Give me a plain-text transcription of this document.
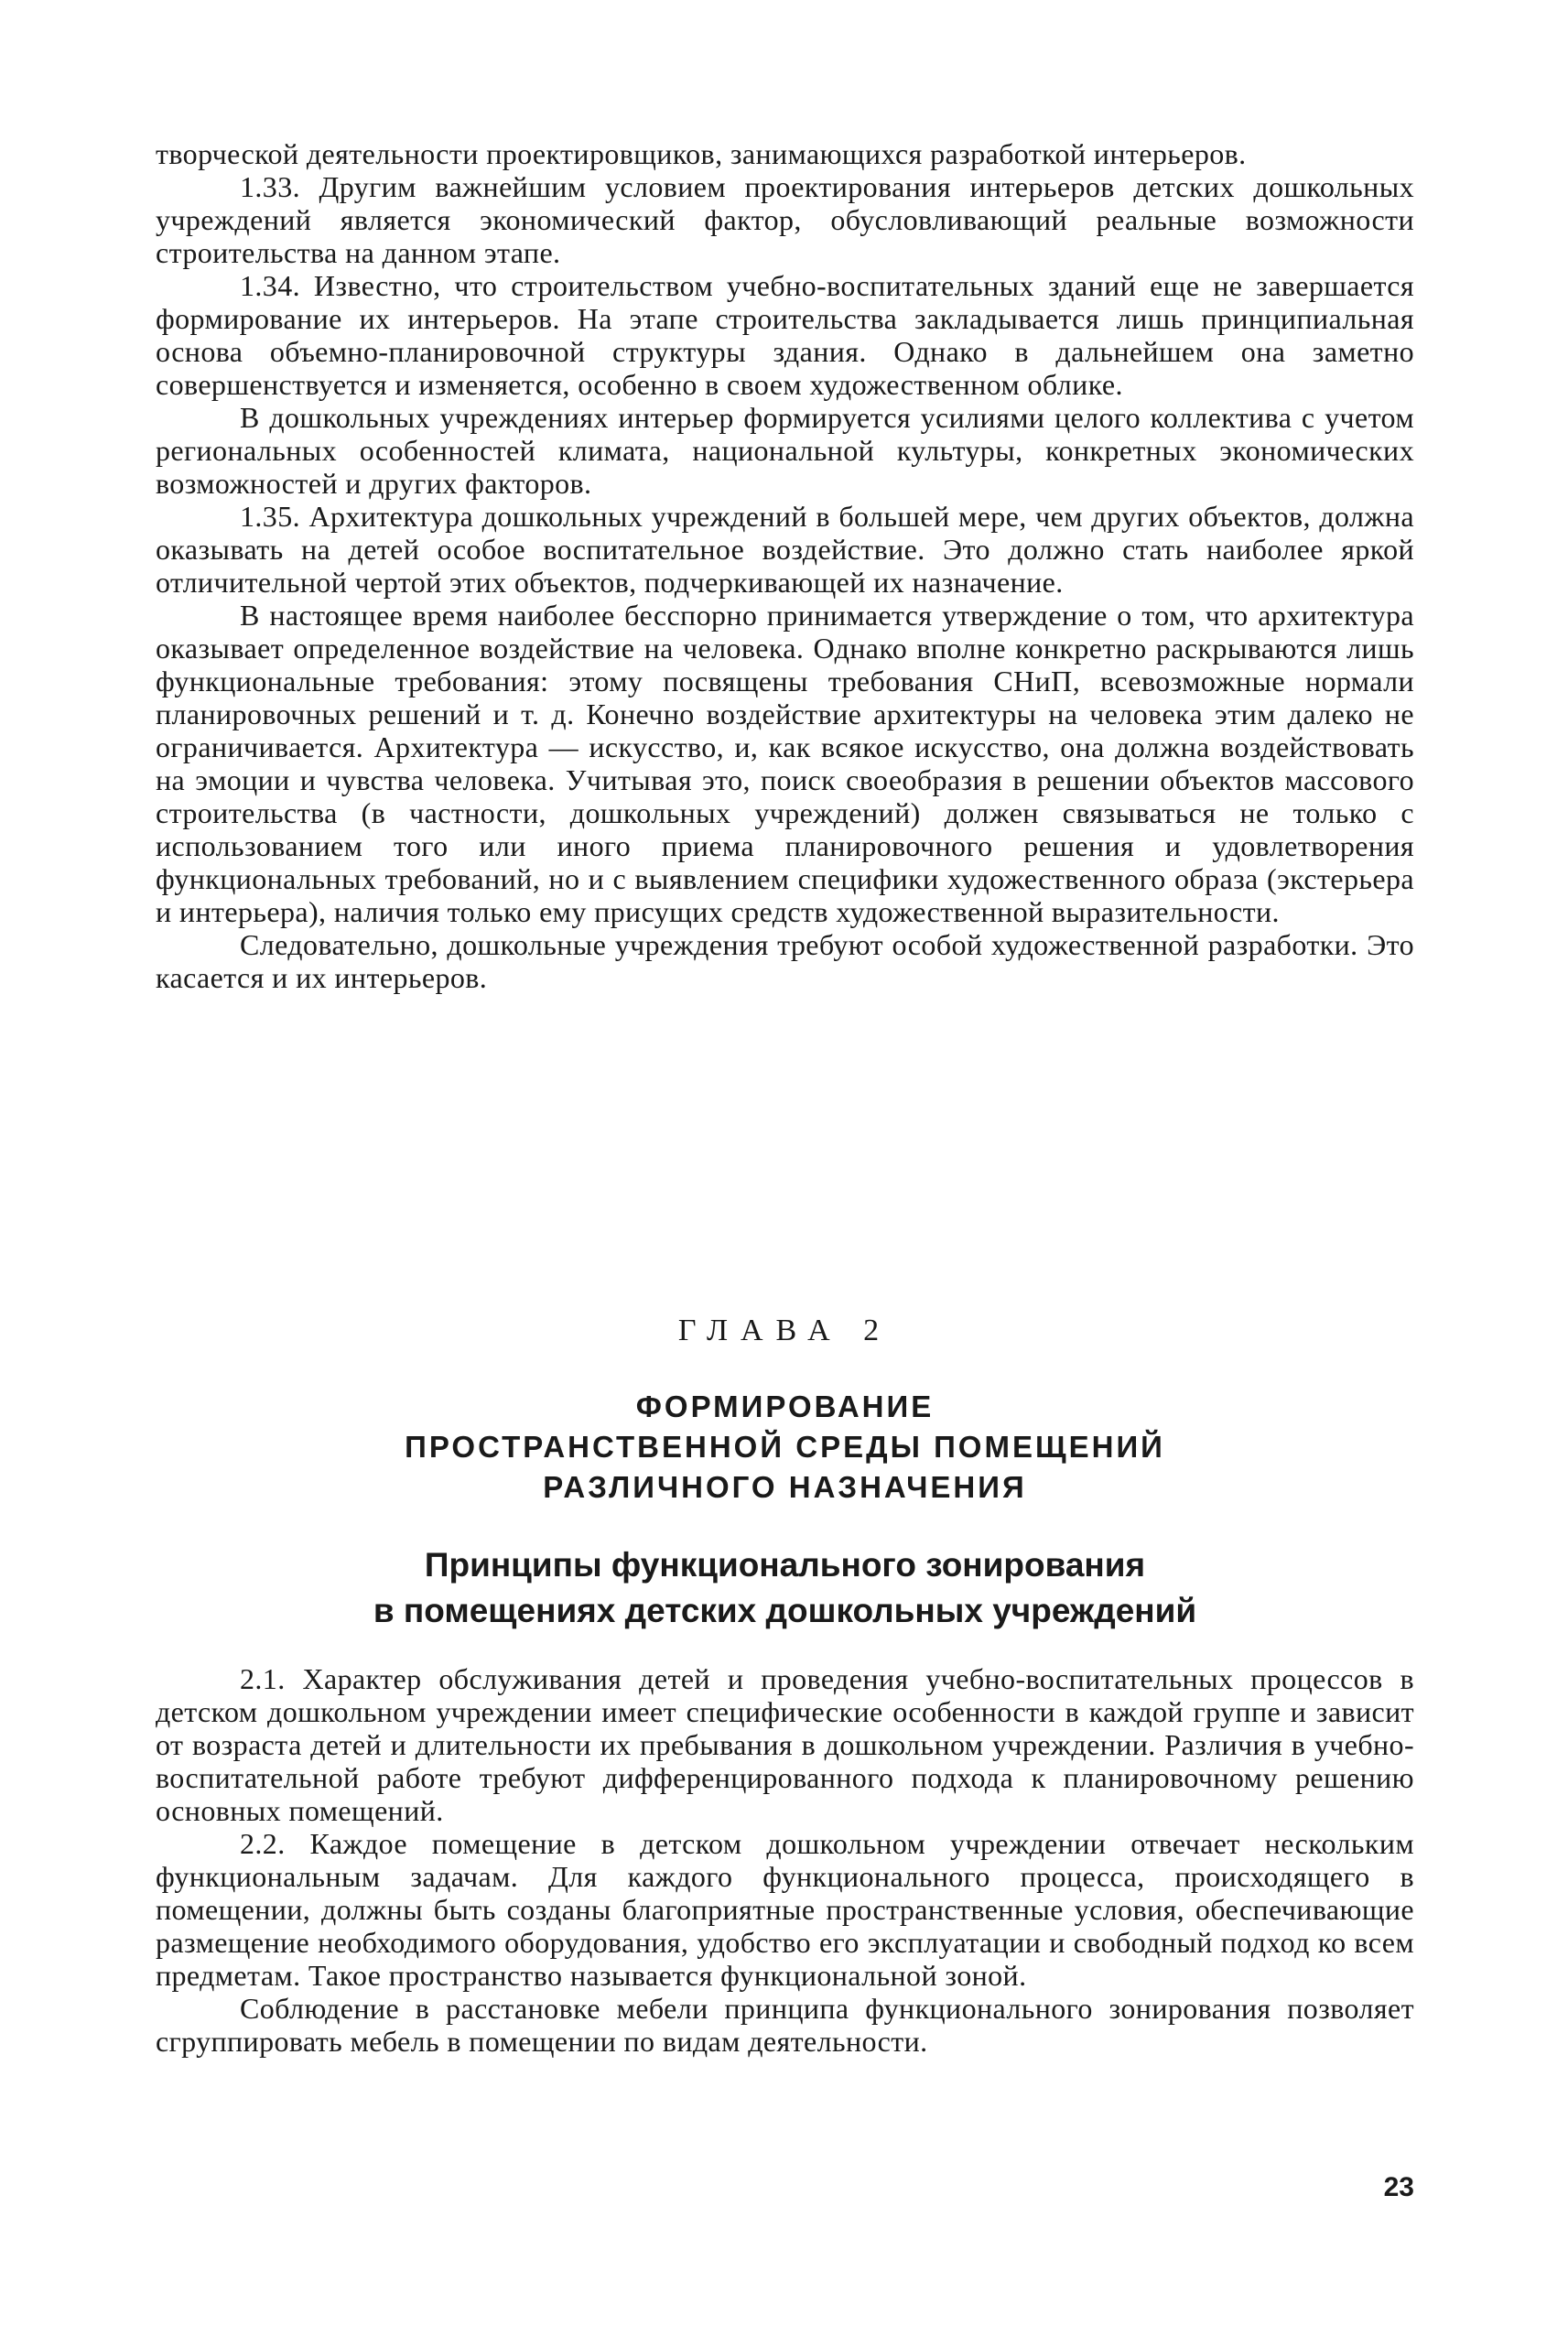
творческой деятельности проектировщиков, занимающихся разработкой интерьеров.

1.33. Другим важнейшим условием проектирования интерьеров детских дошкольных учреждений является экономический фактор, обусловливающий реальные возможности строительства на данном этапе.

1.34. Известно, что строительством учебно-воспитательных зданий еще не завершается формирование их интерьеров. На этапе строительства закладывается лишь принципиальная основа объемно-планировочной структуры здания. Однако в дальнейшем она заметно совершенствуется и изменяется, особенно в своем художественном облике.

В дошкольных учреждениях интерьер формируется усилиями целого коллектива с учетом региональных особенностей климата, национальной культуры, конкретных экономических возможностей и других факторов.

1.35. Архитектура дошкольных учреждений в большей мере, чем других объектов, должна оказывать на детей особое воспитательное воздействие. Это должно стать наиболее яркой отличительной чертой этих объектов, подчеркивающей их назначение.

В настоящее время наиболее бесспорно принимается утверждение о том, что архитектура оказывает определенное воздействие на человека. Однако вполне конкретно раскрываются лишь функциональные требования: этому посвящены требования СНиП, всевозможные нормали планировочных решений и т. д. Конечно воздействие архитектуры на человека этим далеко не ограничивается. Архитектура — искусство, и, как всякое искусство, она должна воздействовать на эмоции и чувства человека. Учитывая это, поиск своеобразия в решении объектов массового строительства (в частности, дошкольных учреждений) должен связываться не только с использованием того или иного приема планировочного решения и удовлетворения функциональных требований, но и с выявлением специфики художественного образа (экстерьера и интерьера), наличия только ему присущих средств художественной выразительности.

Следовательно, дошкольные учреждения требуют особой художественной разработки. Это касается и их интерьеров.

ГЛАВА 2
ФОРМИРОВАНИЕ
ПРОСТРАНСТВЕННОЙ СРЕДЫ ПОМЕЩЕНИЙ
РАЗЛИЧНОГО НАЗНАЧЕНИЯ
Принципы функционального зонирования
в помещениях детских дошкольных учреждений

2.1. Характер обслуживания детей и проведения учебно-воспитательных процессов в детском дошкольном учреждении имеет специфические особенности в каждой группе и зависит от возраста детей и длительности их пребывания в дошкольном учреждении. Различия в учебно-воспитательной работе требуют дифференцированного подхода к планировочному решению основных помещений.

2.2. Каждое помещение в детском дошкольном учреждении отвечает нескольким функциональным задачам. Для каждого функционального процесса, происходящего в помещении, должны быть созданы благоприятные пространственные условия, обеспечивающие размещение необходимого оборудования, удобство его эксплуатации и свободный подход ко всем предметам. Такое пространство называется функциональной зоной.

Соблюдение в расстановке мебели принципа функционального зонирования позволяет сгруппировать мебель в помещении по видам деятельности.

23
